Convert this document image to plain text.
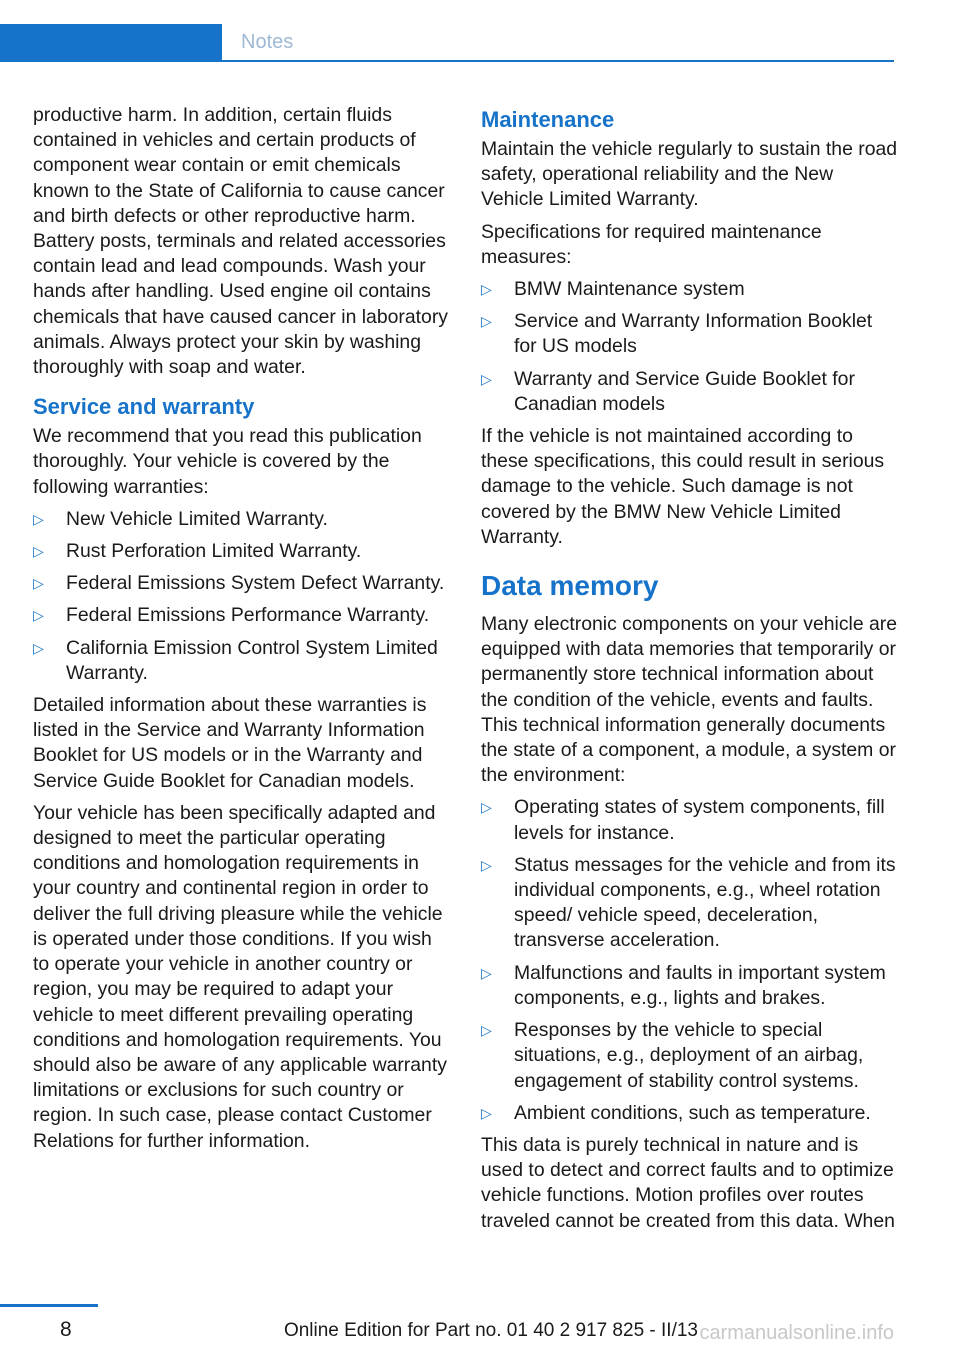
Notes

productive harm. In addition, certain fluids contained in vehicles and certain products of component wear contain or emit chemicals known to the State of California to cause cancer and birth defects or other reproductive harm. Battery posts, terminals and related accessories contain lead and lead compounds. Wash your hands after handling. Used engine oil contains chemicals that have caused cancer in laboratory animals. Always protect your skin by washing thoroughly with soap and water.

Service and warranty

We recommend that you read this publication thoroughly. Your vehicle is covered by the following warranties:

▷ New Vehicle Limited Warranty.
▷ Rust Perforation Limited Warranty.
▷ Federal Emissions System Defect Warranty.
▷ Federal Emissions Performance Warranty.
▷ California Emission Control System Limited Warranty.

Detailed information about these warranties is listed in the Service and Warranty Information Booklet for US models or in the Warranty and Service Guide Booklet for Canadian models.

Your vehicle has been specifically adapted and designed to meet the particular operating conditions and homologation requirements in your country and continental region in order to deliver the full driving pleasure while the vehicle is operated under those conditions. If you wish to operate your vehicle in another country or region, you may be required to adapt your vehicle to meet different prevailing operating conditions and homologation requirements. You should also be aware of any applicable warranty limitations or exclusions for such country or region. In such case, please contact Customer Relations for further information.

Maintenance

Maintain the vehicle regularly to sustain the road safety, operational reliability and the New Vehicle Limited Warranty.

Specifications for required maintenance measures:

▷ BMW Maintenance system
▷ Service and Warranty Information Booklet for US models
▷ Warranty and Service Guide Booklet for Canadian models

If the vehicle is not maintained according to these specifications, this could result in serious damage to the vehicle. Such damage is not covered by the BMW New Vehicle Limited Warranty.

Data memory

Many electronic components on your vehicle are equipped with data memories that temporarily or permanently store technical information about the condition of the vehicle, events and faults. This technical information generally documents the state of a component, a module, a system or the environment:

▷ Operating states of system components, fill levels for instance.
▷ Status messages for the vehicle and from its individual components, e.g., wheel rotation speed/ vehicle speed, deceleration, transverse acceleration.
▷ Malfunctions and faults in important system components, e.g., lights and brakes.
▷ Responses by the vehicle to special situations, e.g., deployment of an airbag, engagement of stability control systems.
▷ Ambient conditions, such as temperature.

This data is purely technical in nature and is used to detect and correct faults and to optimize vehicle functions. Motion profiles over routes traveled cannot be created from this data. When

8	Online Edition for Part no. 01 40 2 917 825 - II/13 carmanualsonline.info
